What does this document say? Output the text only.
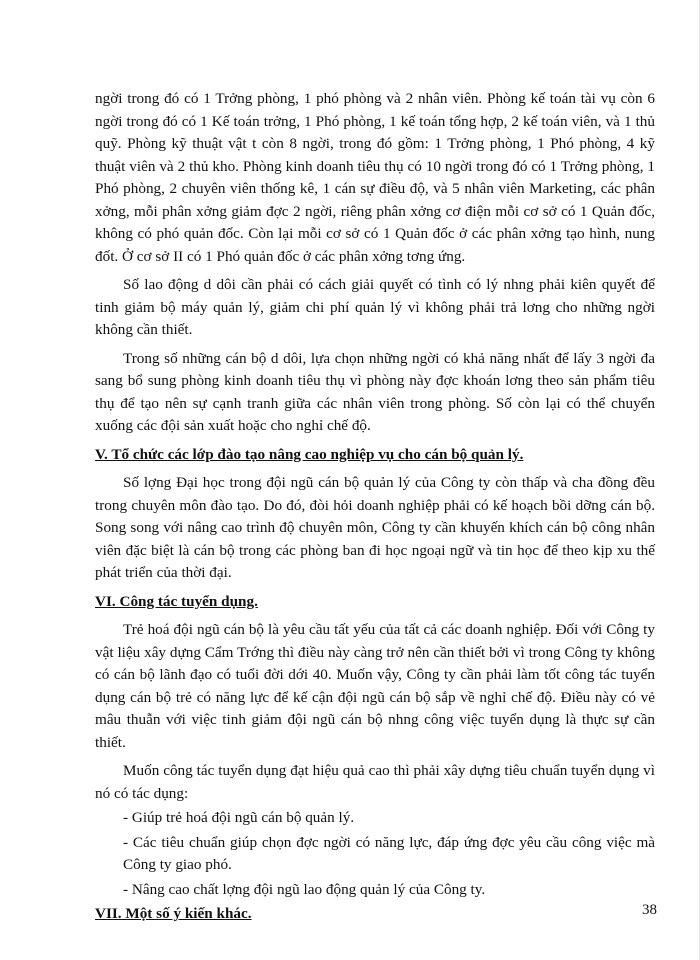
ngời trong đó có 1 Trởng phòng, 1 phó phòng và 2 nhân viên. Phòng kế toán tài vụ còn 6 ngời trong đó có 1 Kế toán trởng, 1 Phó phòng, 1 kế toán tổng hợp, 2 kế toán viên, và 1 thủ quỹ. Phòng kỹ thuật vật t còn 8 ngời, trong đó gồm: 1 Trởng phòng, 1 Phó phòng, 4 kỹ thuật viên và 2 thủ kho. Phòng kinh doanh tiêu thụ có 10 ngời trong đó có 1 Trởng phòng, 1 Phó phòng, 2 chuyên viên thống kê, 1 cán sự điều độ, và 5 nhân viên Marketing, các phân xởng, mỗi phân xởng giảm đợc 2 ngời, riêng phân xởng cơ điện mỗi cơ sở có 1 Quản đốc, không có phó quản đốc. Còn lại mỗi cơ sở có 1 Quản đốc ở các phân xởng tạo hình, nung đốt. Ở cơ sở II có 1 Phó quản đốc ở các phân xởng tơng ứng.

Số lao động d dôi cần phải có cách giải quyết có tình có lý nhng phải kiên quyết để tinh giảm bộ máy quản lý, giảm chi phí quản lý vì không phải trả lơng cho những ngời không cần thiết.

Trong số những cán bộ d dôi, lựa chọn những ngời có khả năng nhất để lấy 3 ngời đa sang bổ sung phòng kinh doanh tiêu thụ vì phòng này đợc khoán lơng theo sản phẩm tiêu thụ để tạo nên sự cạnh tranh giữa các nhân viên trong phòng. Số còn lại có thể chuyển xuống các đội sản xuất hoặc cho nghỉ chế độ.

V. Tổ chức các lớp đào tạo nâng cao nghiệp vụ cho cán bộ quản lý.

Số lợng Đại học trong đội ngũ cán bộ quản lý của Công ty còn thấp và cha đồng đều trong chuyên môn đào tạo. Do đó, đòi hỏi doanh nghiệp phải có kế hoạch bồi dỡng cán bộ. Song song với nâng cao trình độ chuyên môn, Công ty cần khuyến khích cán bộ công nhân viên đặc biệt là cán bộ trong các phòng ban đi học ngoại ngữ và tin học để theo kịp xu thế phát triển của thời đại.

VI. Công tác tuyển dụng.

Trẻ hoá đội ngũ cán bộ là yêu cầu tất yếu của tất cả các doanh nghiệp. Đối với Công ty vật liệu xây dựng Cẩm Trớng thì điều này càng trở nên cần thiết bởi vì trong Công ty không có cán bộ lãnh đạo có tuổi đời dới 40. Muốn vậy, Công ty cần phải làm tốt công tác tuyển dụng cán bộ trẻ có năng lực để kế cận đội ngũ cán bộ sắp về nghỉ chế độ. Điều này có vẻ mâu thuẫn với việc tinh giảm đội ngũ cán bộ nhng công việc tuyển dụng là thực sự cần thiết.

Muốn công tác tuyển dụng đạt hiệu quả cao thì phải xây dựng tiêu chuẩn tuyển dụng vì nó có tác dụng:

- Giúp trẻ hoá đội ngũ cán bộ quản lý.

- Các tiêu chuẩn giúp chọn đợc ngời có năng lực, đáp ứng đợc yêu cầu công việc mà Công ty giao phó.

- Nâng cao chất lợng đội ngũ lao động quản lý của Công ty.

VII. Một số ý kiến khác.	38
